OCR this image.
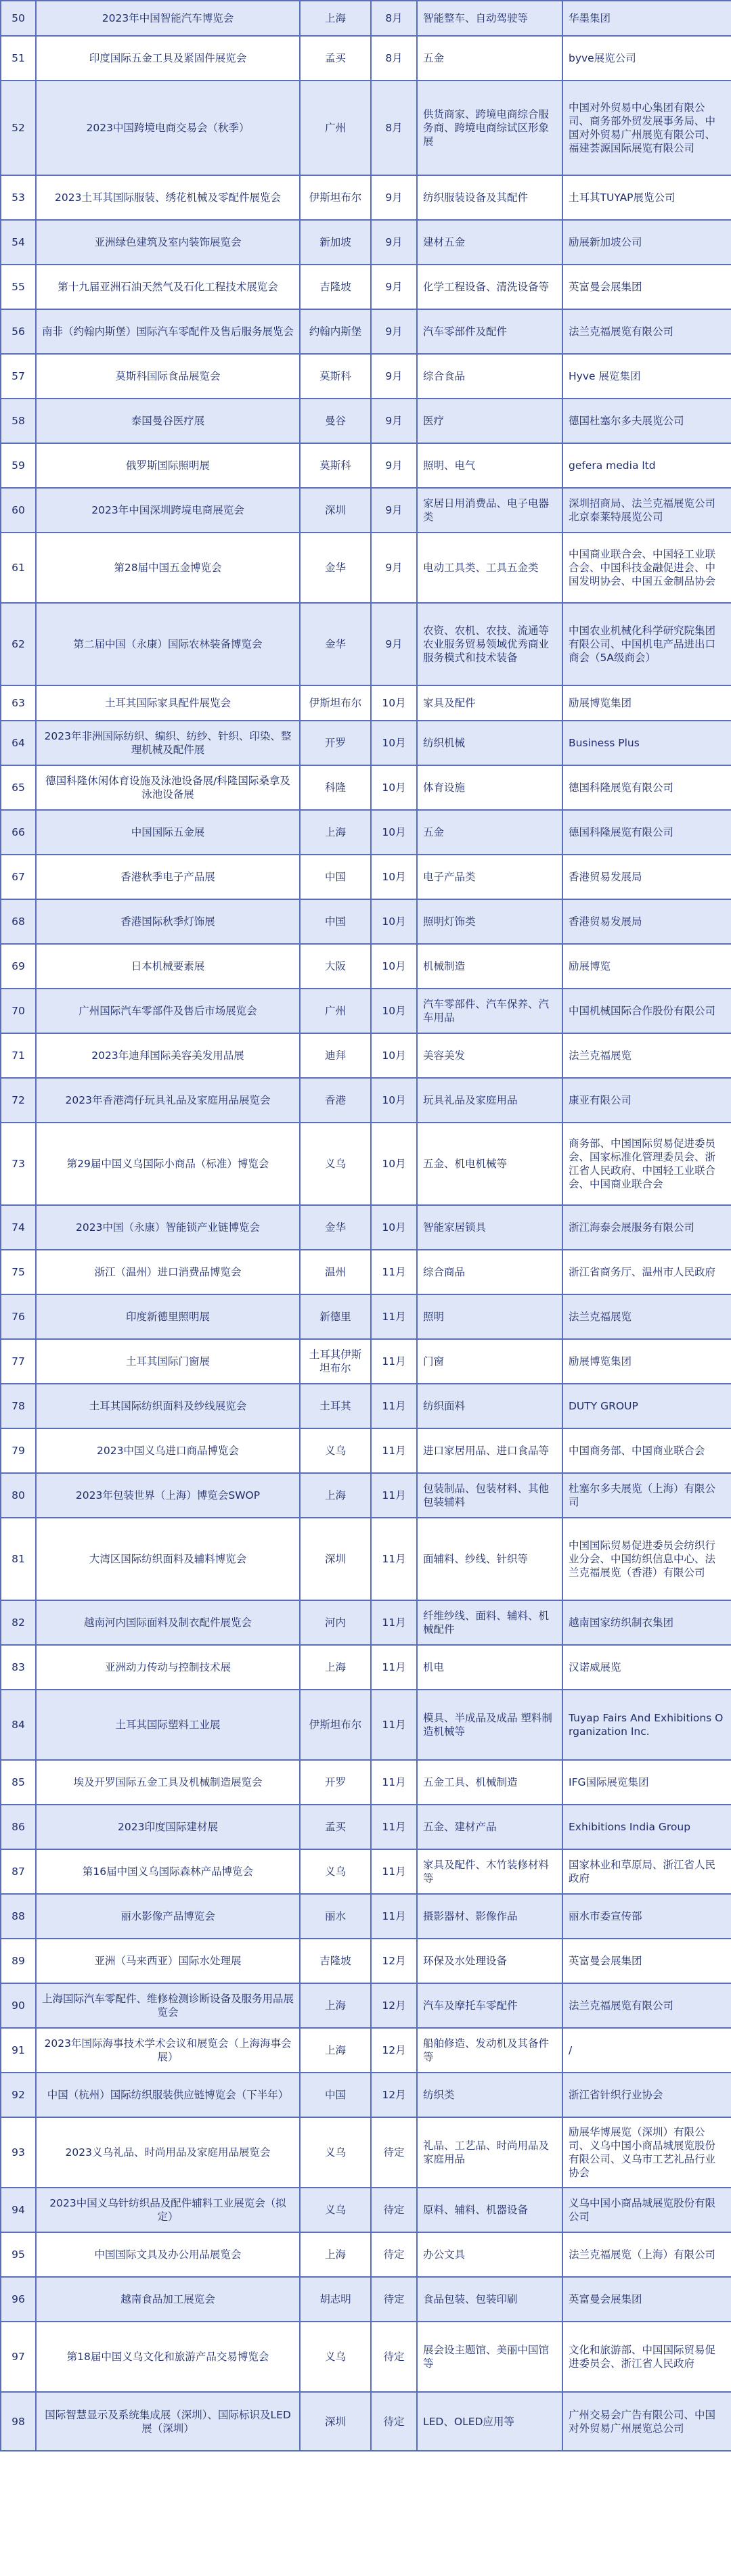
50	2023年中国智能汽车博览会	上海	8月	智能整车、自动驾驶等	华墨集团
51	印度国际五金工具及紧固件展览会	孟买	8月	五金	byve展览公司
52	2023中国跨境电商交易会（秋季）	广州	8月	供货商家、跨境电商综合服务商、跨境电商综试区形象展	中国对外贸易中心集团有限公司、商务部外贸发展事务局、中国对外贸易广州展览有限公司、福建荟源国际展览有限公司
53	2023土耳其国际服装、绣花机械及零配件展览会	伊斯坦布尔	9月	纺织服装设备及其配件	土耳其TUYAP展览公司
54	亚洲绿色建筑及室内装饰展览会	新加坡	9月	建材五金	励展新加坡公司
55	第十九届亚洲石油天然气及石化工程技术展览会	吉隆坡	9月	化学工程设备、清洗设备等	英富曼会展集团
56	南非（约翰内斯堡）国际汽车零配件及售后服务展览会	约翰内斯堡	9月	汽车零部件及配件	法兰克福展览有限公司
57	莫斯科国际食品展览会	莫斯科	9月	综合食品	Hyve 展览集团
58	泰国曼谷医疗展	曼谷	9月	医疗	德国杜塞尔多夫展览公司
59	俄罗斯国际照明展	莫斯科	9月	照明、电气	gefera media ltd
60	2023年中国深圳跨境电商展览会	深圳	9月	家居日用消费品、电子电器类	深圳招商局、法兰克福展览公司 北京泰莱特展览公司
61	第28届中国五金博览会	金华	9月	电动工具类、工具五金类	中国商业联合会、中国轻工业联合会、中国科技金融促进会、中国发明协会、中国五金制品协会
62	第二届中国（永康）国际农林装备博览会	金华	9月	农资、农机、农技、流通等农业服务贸易领域优秀商业服务模式和技术装备	中国农业机械化科学研究院集团有限公司、中国机电产品进出口商会（5A级商会）
63	土耳其国际家具配件展览会	伊斯坦布尔	10月	家具及配件	励展博览集团
64	2023年非洲国际纺织、编织、纺纱、针织、印染、整理机械及配件展	开罗	10月	纺织机械	Business Plus
65	德国科隆休闲体育设施及泳池设备展/科隆国际桑拿及泳池设备展	科隆	10月	体育设施	德国科隆展览有限公司
66	中国国际五金展	上海	10月	五金	德国科隆展览有限公司
67	香港秋季电子产品展	中国	10月	电子产品类	香港贸易发展局
68	香港国际秋季灯饰展	中国	10月	照明灯饰类	香港贸易发展局
69	日本机械要素展	大阪	10月	机械制造	励展博览
70	广州国际汽车零部件及售后市场展览会	广州	10月	汽车零部件、汽车保养、汽车用品	中国机械国际合作股份有限公司
71	2023年迪拜国际美容美发用品展	迪拜	10月	美容美发	法兰克福展览
72	2023年香港湾仔玩具礼品及家庭用品展览会	香港	10月	玩具礼品及家庭用品	康亚有限公司
73	第29届中国义乌国际小商品（标准）博览会	义乌	10月	五金、机电机械等	商务部、中国国际贸易促进委员会、国家标准化管理委员会、浙江省人民政府、中国轻工业联合会、中国商业联合会
74	2023中国（永康）智能锁产业链博览会	金华	10月	智能家居锁具	浙江海泰会展服务有限公司
75	浙江（温州）进口消费品博览会	温州	11月	综合商品	浙江省商务厅、温州市人民政府
76	印度新德里照明展	新德里	11月	照明	法兰克福展览
77	土耳其国际门窗展	土耳其伊斯坦布尔	11月	门窗	励展博览集团
78	土耳其国际纺织面料及纱线展览会	土耳其	11月	纺织面料	DUTY GROUP
79	2023中国义乌进口商品博览会	义乌	11月	进口家居用品、进口食品等	中国商务部、中国商业联合会
80	2023年包装世界（上海）博览会SWOP	上海	11月	包装制品、包装材料、其他包装辅料	杜塞尔多夫展览（上海）有限公司
81	大湾区国际纺织面料及辅料博览会	深圳	11月	面辅料、纱线、针织等	中国国际贸易促进委员会纺织行业分会、中国纺织信息中心、法兰克福展览（香港）有限公司
82	越南河内国际面料及制衣配件展览会	河内	11月	纤维纱线、面料、辅料、机械配件	越南国家纺织制衣集团
83	亚洲动力传动与控制技术展	上海	11月	机电	汉诺威展览
84	土耳其国际塑料工业展	伊斯坦布尔	11月	模具、半成品及成品 塑料制造机械等	Tuyap Fairs And Exhibitions Organization Inc.
85	埃及开罗国际五金工具及机械制造展览会	开罗	11月	五金工具、机械制造	IFG国际展览集团
86	2023印度国际建材展	孟买	11月	五金、建材产品	Exhibitions India Group
87	第16届中国义乌国际森林产品博览会	义乌	11月	家具及配件、木竹装修材料等	国家林业和草原局、浙江省人民政府
88	丽水影像产品博览会	丽水	11月	摄影器材、影像作品	丽水市委宣传部
89	亚洲（马来西亚）国际水处理展	吉隆坡	12月	环保及水处理设备	英富曼会展集团
90	上海国际汽车零配件、维修检测诊断设备及服务用品展览会	上海	12月	汽车及摩托车零配件	法兰克福展览有限公司
91	2023年国际海事技术学术会议和展览会（上海海事会展）	上海	12月	船舶修造、发动机及其备件等	/
92	中国（杭州）国际纺织服装供应链博览会（下半年）	中国	12月	纺织类	浙江省针织行业协会
93	2023义乌礼品、时尚用品及家庭用品展览会	义乌	待定	礼品、工艺品、时尚用品及家庭用品	励展华博展览（深圳）有限公司、义乌中国小商品城展览股份有限公司、义乌市工艺礼品行业协会
94	2023中国义乌针纺织品及配件辅料工业展览会（拟定）	义乌	待定	原料、辅料、机器设备	义乌中国小商品城展览股份有限公司
95	中国国际文具及办公用品展览会	上海	待定	办公文具	法兰克福展览（上海）有限公司
96	越南食品加工展览会	胡志明	待定	食品包装、包装印刷	英富曼会展集团
97	第18届中国义乌文化和旅游产品交易博览会	义乌	待定	展会设主题馆、美丽中国馆等	文化和旅游部、中国国际贸易促进委员会、浙江省人民政府
98	国际智慧显示及系统集成展（深圳）、国际标识及LED展（深圳）	深圳	待定	LED、OLED应用等	广州交易会广告有限公司、中国对外贸易广州展览总公司
